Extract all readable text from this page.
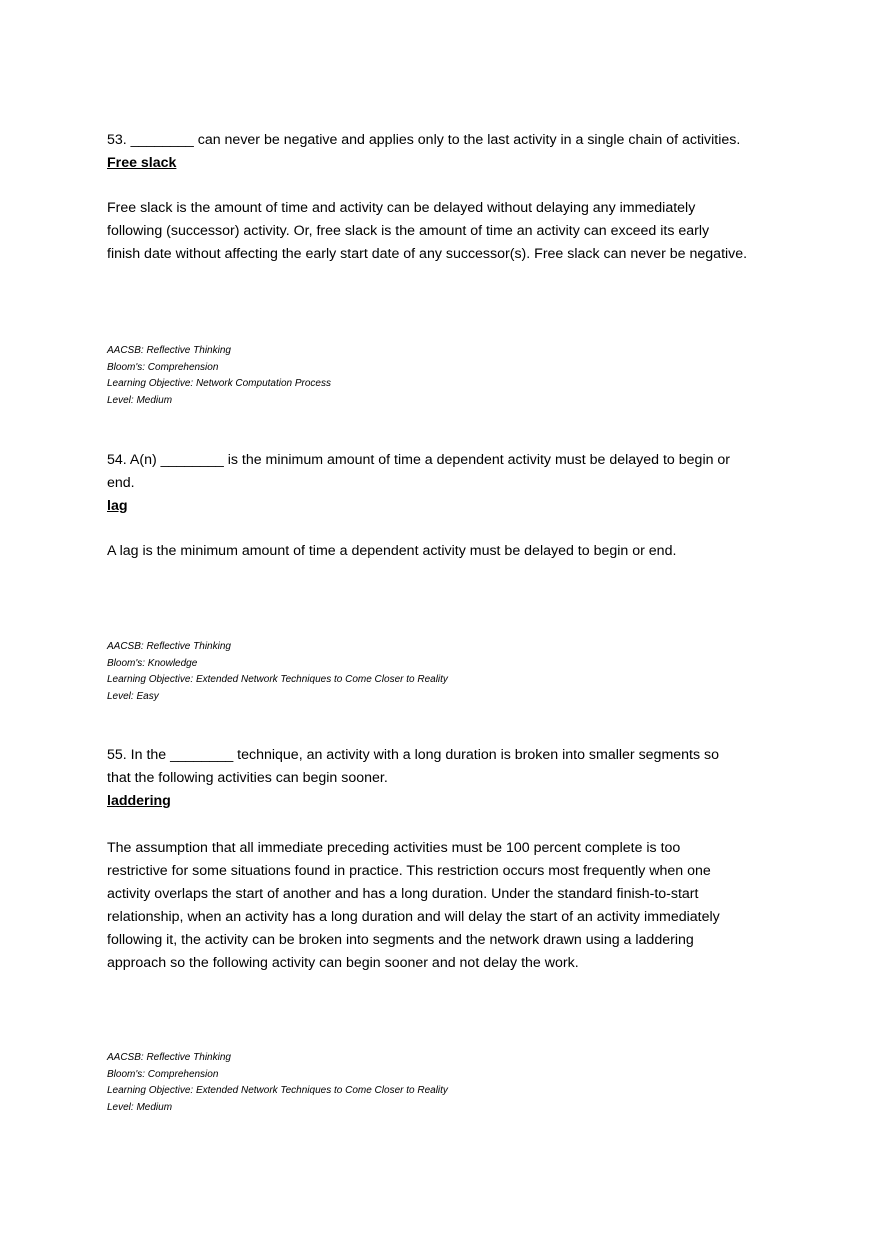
53. ________ can never be negative and applies only to the last activity in a single chain of activities.
Free slack
Free slack is the amount of time and activity can be delayed without delaying any immediately
following (successor) activity. Or, free slack is the amount of time an activity can exceed its early
finish date without affecting the early start date of any successor(s). Free slack can never be negative.
AACSB: Reflective Thinking
Bloom's: Comprehension
Learning Objective: Network Computation Process
Level: Medium
54. A(n) ________ is the minimum amount of time a dependent activity must be delayed to begin or
end.
lag
A lag is the minimum amount of time a dependent activity must be delayed to begin or end.
AACSB: Reflective Thinking
Bloom's: Knowledge
Learning Objective: Extended Network Techniques to Come Closer to Reality
Level: Easy
55. In the ________ technique, an activity with a long duration is broken into smaller segments so
that the following activities can begin sooner.
laddering
The assumption that all immediate preceding activities must be 100 percent complete is too
restrictive for some situations found in practice. This restriction occurs most frequently when one
activity overlaps the start of another and has a long duration. Under the standard finish-to-start
relationship, when an activity has a long duration and will delay the start of an activity immediately
following it, the activity can be broken into segments and the network drawn using a laddering
approach so the following activity can begin sooner and not delay the work.
AACSB: Reflective Thinking
Bloom's: Comprehension
Learning Objective: Extended Network Techniques to Come Closer to Reality
Level: Medium
